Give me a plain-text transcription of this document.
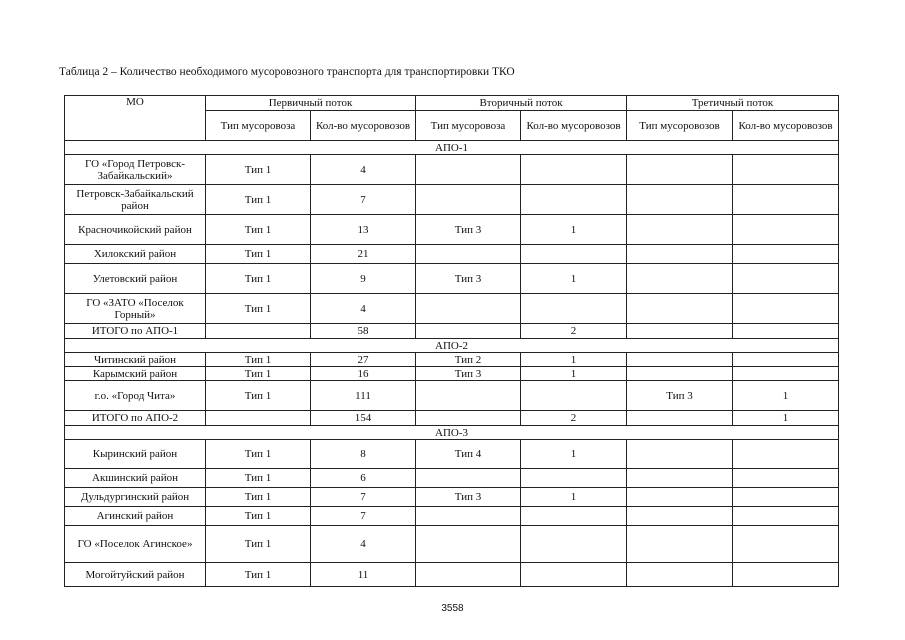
Таблица 2 – Количество необходимого мусоровозного транспорта для транспортировки ТКО
МО	Первичный поток		Вторичный поток		Третичный поток	
	Тип мусоровоза	Кол-во мусоровозов	Тип мусоровоза	Кол-во мусоровозов	Тип мусоровозов	Кол-во мусоровозов
АПО-1						
ГО «Город Петровск-Забайкальский»	Тип 1	4				
Петровск-Забайкальский район	Тип 1	7				
Красночикойский район	Тип 1	13	Тип 3	1		
Хилокский район	Тип 1	21				
Улетовский район	Тип 1	9	Тип 3	1		
ГО «ЗАТО «Поселок Горный»	Тип 1	4				
ИТОГО по АПО-1		58		2		
АПО-2						
Читинский район	Тип 1	27	Тип 2	1		
Карымский район	Тип 1	16	Тип 3	1		
г.о. «Город Чита»	Тип 1	111			Тип 3	1
ИТОГО по АПО-2		154		2		1
АПО-3						
Кыринский район	Тип 1	8	Тип 4	1		
Акшинский район	Тип 1	6				
Дульдургинский район	Тип 1	7	Тип 3	1		
Агинский район	Тип 1	7				
ГО «Поселок Агинское»	Тип 1	4				
Могойтуйский район	Тип 1	11				
3558
